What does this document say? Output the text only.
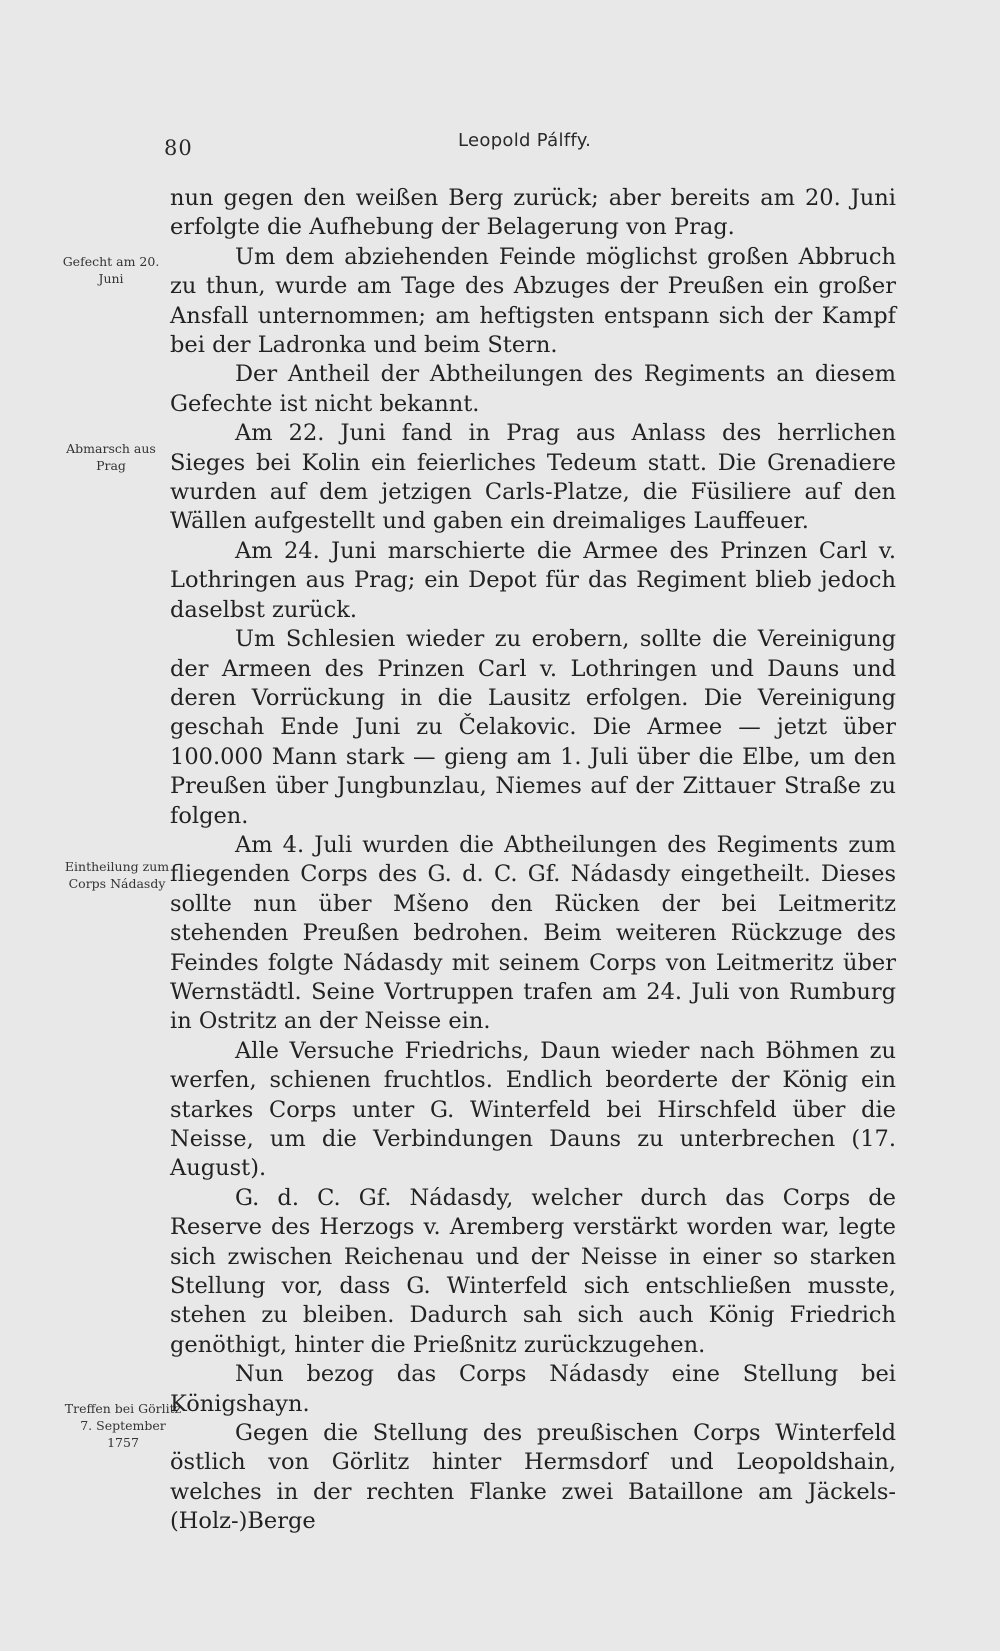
80	Leopold Pálffy.
Gefecht am 20. Juni
Abmarsch aus Prag
Eintheilung zum Corps Nádasdy
Treffen bei Görlitz 7. September 1757

nun gegen den weißen Berg zurück; aber bereits am 20. Juni erfolgte die Aufhebung der Belagerung von Prag.

Um dem abziehenden Feinde möglichst großen Abbruch zu thun, wurde am Tage des Abzuges der Preußen ein großer Ansfall unternommen; am heftigsten entspann sich der Kampf bei der Ladronka und beim Stern.

Der Antheil der Abtheilungen des Regiments an diesem Gefechte ist nicht bekannt.

Am 22. Juni fand in Prag aus Anlass des herrlichen Sieges bei Kolin ein feierliches Tedeum statt. Die Grenadiere wurden auf dem jetzigen Carls-Platze, die Füsiliere auf den Wällen aufgestellt und gaben ein dreimaliges Lauffeuer.

Am 24. Juni marschierte die Armee des Prinzen Carl v. Lothringen aus Prag; ein Depot für das Regiment blieb jedoch daselbst zurück.

Um Schlesien wieder zu erobern, sollte die Vereinigung der Armeen des Prinzen Carl v. Lothringen und Dauns und deren Vorrückung in die Lausitz erfolgen. Die Vereinigung geschah Ende Juni zu Čelakovic. Die Armee — jetzt über 100.000 Mann stark — gieng am 1. Juli über die Elbe, um den Preußen über Jungbunzlau, Niemes auf der Zittauer Straße zu folgen.

Am 4. Juli wurden die Abtheilungen des Regiments zum fliegenden Corps des G. d. C. Gf. Nádasdy eingetheilt. Dieses sollte nun über Mšeno den Rücken der bei Leitmeritz stehenden Preußen bedrohen. Beim weiteren Rückzuge des Feindes folgte Nádasdy mit seinem Corps von Leitmeritz über Wernstädtl. Seine Vortruppen trafen am 24. Juli von Rumburg in Ostritz an der Neisse ein.

Alle Versuche Friedrichs, Daun wieder nach Böhmen zu werfen, schienen fruchtlos. Endlich beorderte der König ein starkes Corps unter G. Winterfeld bei Hirschfeld über die Neisse, um die Verbindungen Dauns zu unterbrechen (17. August).

G. d. C. Gf. Nádasdy, welcher durch das Corps de Reserve des Herzogs v. Aremberg verstärkt worden war, legte sich zwischen Reichenau und der Neisse in einer so starken Stellung vor, dass G. Winterfeld sich entschließen musste, stehen zu bleiben. Dadurch sah sich auch König Friedrich genöthigt, hinter die Prießnitz zurückzugehen.

Nun bezog das Corps Nádasdy eine Stellung bei Königshayn.

Gegen die Stellung des preußischen Corps Winterfeld östlich von Görlitz hinter Hermsdorf und Leopoldshain, welches in der rechten Flanke zwei Bataillone am Jäckels-(Holz-)Berge
